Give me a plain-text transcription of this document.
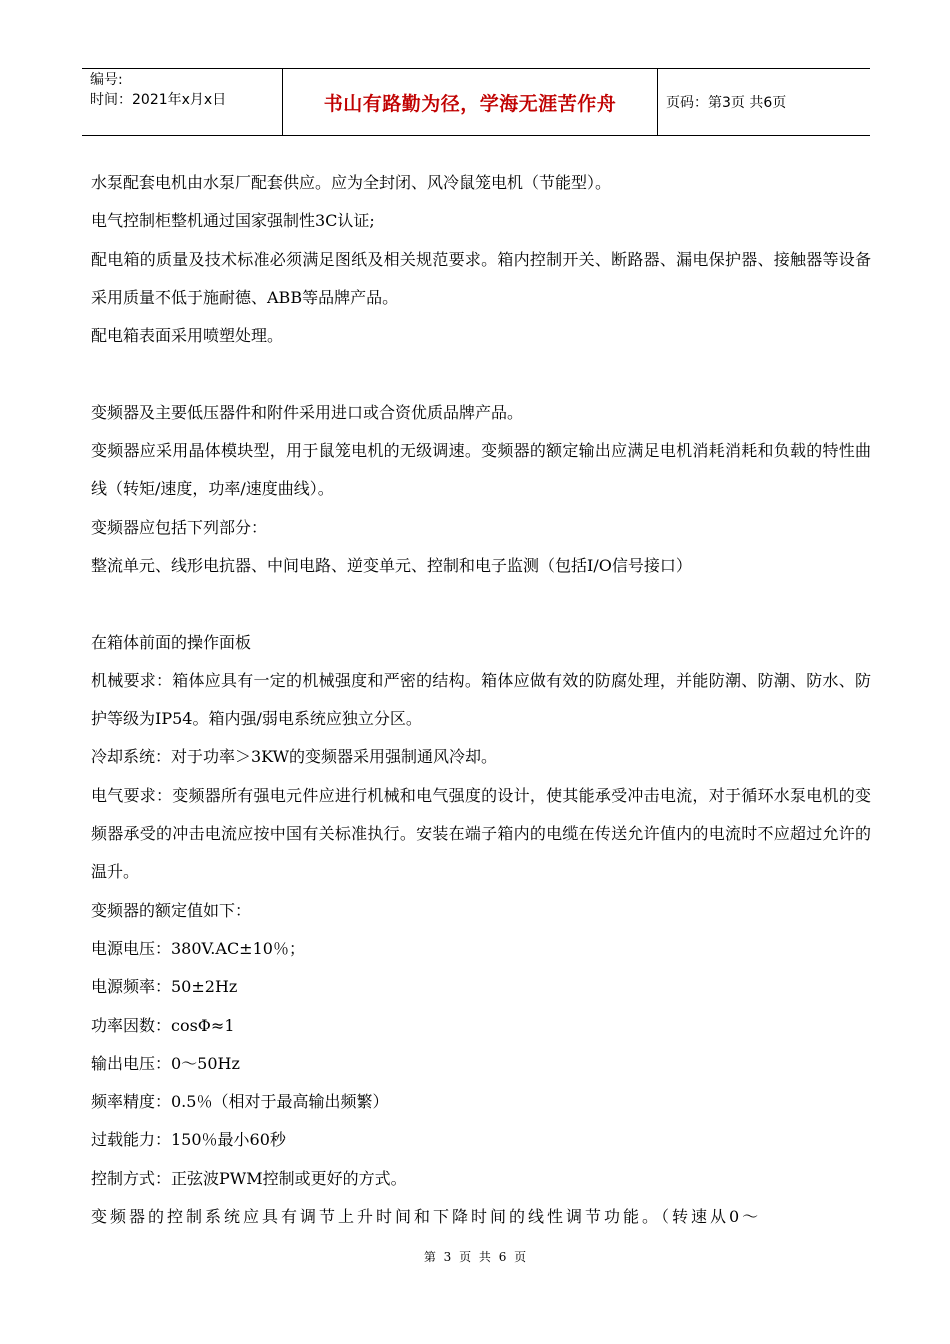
编号:
时间：2021年x月x日	书山有路勤为径，学海无涯苦作舟	页码：第3页 共6页

水泵配套电机由水泵厂配套供应。应为全封闭、风冷鼠笼电机（节能型）。

电气控制柜整机通过国家强制性3C认证;

配电箱的质量及技术标准必须满足图纸及相关规范要求。箱内控制开关、断路器、漏电保护器、接触器等设备采用质量不低于施耐德、ABB等品牌产品。

配电箱表面采用喷塑处理。

变频器及主要低压器件和附件采用进口或合资优质品牌产品。

变频器应采用晶体模块型，用于鼠笼电机的无级调速。变频器的额定输出应满足电机消耗消耗和负载的特性曲线（转矩/速度，功率/速度曲线）。

变频器应包括下列部分：

整流单元、线形电抗器、中间电路、逆变单元、控制和电子监测（包括I/O信号接口）

在箱体前面的操作面板

机械要求：箱体应具有一定的机械强度和严密的结构。箱体应做有效的防腐处理，并能防潮、防潮、防水、防护等级为IP54。箱内强/弱电系统应独立分区。

冷却系统：对于功率＞3KW的变频器采用强制通风冷却。

电气要求：变频器所有强电元件应进行机械和电气强度的设计，使其能承受冲击电流，对于循环水泵电机的变频器承受的冲击电流应按中国有关标准执行。安装在端子箱内的电缆在传送允许值内的电流时不应超过允许的温升。

变频器的额定值如下：

电源电压：380V.AC±10％；

电源频率：50±2Hz

功率因数：cosΦ≈1

输出电压：0～50Hz

频率精度：0.5％（相对于最高输出频繁）

过载能力：150％最小60秒

控制方式：正弦波PWM控制或更好的方式。

变频器的控制系统应具有调节上升时间和下降时间的线性调节功能。（转速从0～

第 3 页 共 6 页
